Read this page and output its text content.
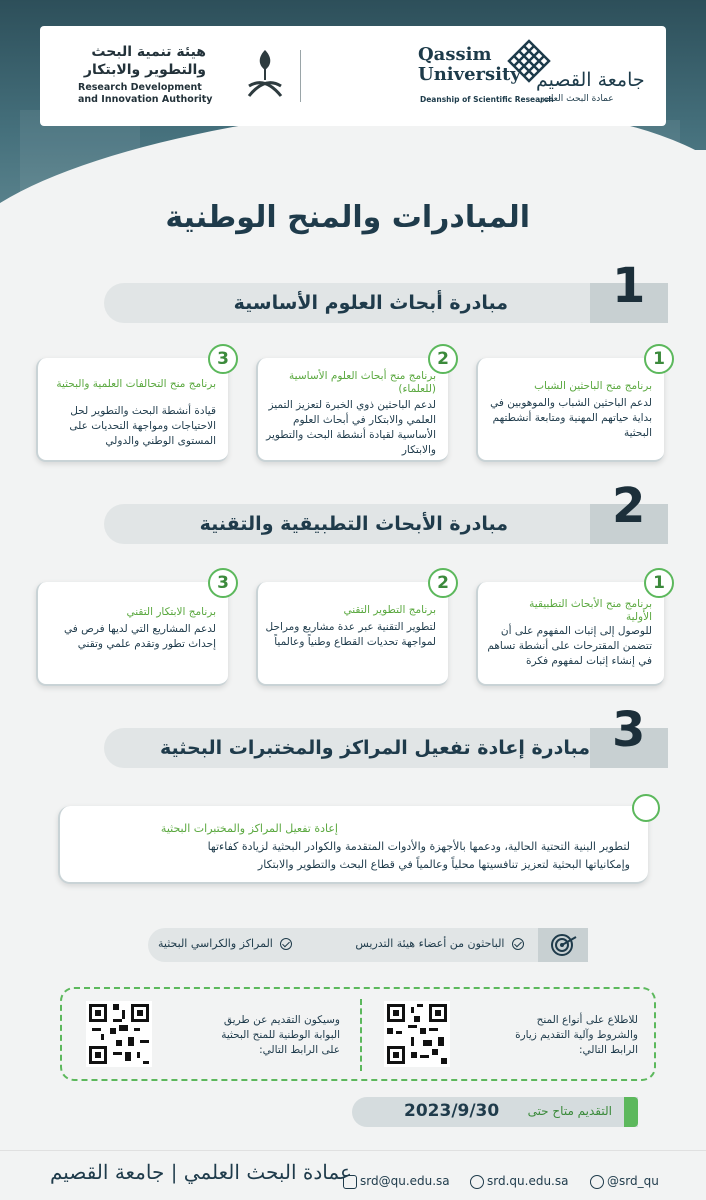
هيئة تنمية البحث
والتطوير والابتكار
Research Development
and Innovation Authority
Qassim
University
Deanship of Scientific Research
جامعة القصيم
عمادة البحث العلمي
المبادرات والمنح الوطنية
1
مبادرة أبحاث العلوم الأساسية
1
برنامج منح الباحثين الشباب
لدعم الباحثين الشباب والموهوبين في بداية حياتهم المهنية ومتابعة أنشطتهم البحثية
2
برنامج منح أبحاث العلوم الأساسية (للعلماء)
لدعم الباحثين ذوي الخبرة لتعزيز التميز العلمي والابتكار في أبحاث العلوم الأساسية لقيادة أنشطة البحث والتطوير والابتكار
3
برنامج منح التحالفات العلمية والبحثية
قيادة أنشطة البحث والتطوير لحل الاحتياجات ومواجهة التحديات على المستوى الوطني والدولي
2
مبادرة الأبحاث التطبيقية والتقنية
1
برنامج منح الأبحاث التطبيقية الأولية
للوصول إلى إثبات المفهوم على أن تتضمن المقترحات على أنشطة تساهم في إنشاء إثبات لمفهوم فكرة
2
برنامج التطوير التقني
لتطوير التقنية عبر عدة مشاريع ومراحل لمواجهة تحديات القطاع وطنياً وعالمياً
3
برنامج الابتكار التقني
لدعم المشاريع التي لديها فرص في إحداث تطور وتقدم علمي وتقني
3
مبادرة إعادة تفعيل المراكز والمختبرات البحثية
إعادة تفعيل المراكز والمختبرات البحثية
لتطوير البنية التحتية الحالية، ودعمها بالأجهزة والأدوات المتقدمة والكوادر البحثية لزيادة كفاءتها
وإمكانياتها البحثية لتعزيز تنافسيتها محلياً وعالمياً في قطاع البحث والتطوير والابتكار
الباحثون من أعضاء هيئة التدريس
المراكز والكراسي البحثية
للاطلاع على أنواع المنح
والشروط وآلية التقديم زيارة
الرابط التالي:
وسيكون التقديم عن طريق
البوابة الوطنية للمنح البحثية
على الرابط التالي:
التقديم متاح حتى
2023/9/30
عمادة البحث العلمي | جامعة القصيم srd@qu.edu.sa	srd.qu.edu.sa	@srd_qu
